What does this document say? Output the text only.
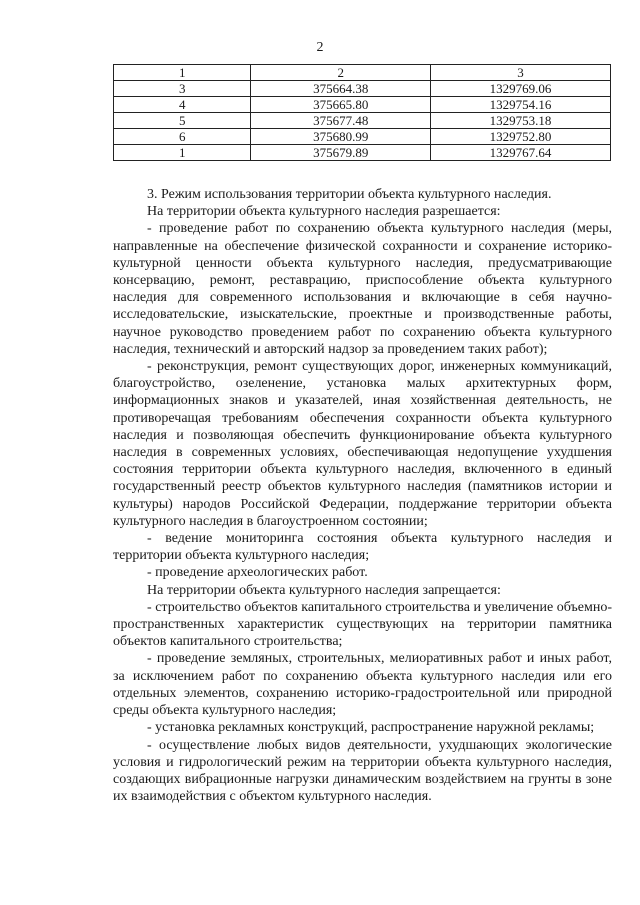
2
1	2	3
3	375664.38	1329769.06
4	375665.80	1329754.16
5	375677.48	1329753.18
6	375680.99	1329752.80
1	375679.89	1329767.64

3. Режим использования территории объекта культурного наследия.

На территории объекта культурного наследия разрешается:

- проведение работ по сохранению объекта культурного наследия (меры, направленные на обеспечение физической сохранности и сохранение историко-культурной ценности объекта культурного наследия, предусматривающие консервацию, ремонт, реставрацию, приспособление объекта культурного наследия для современного использования и включающие в себя научно-исследовательские, изыскательские, проектные и производственные работы, научное руководство проведением работ по сохранению объекта культурного наследия, технический и авторский надзор за проведением таких работ);

- реконструкция, ремонт существующих дорог, инженерных коммуникаций, благоустройство, озеленение, установка малых архитектурных форм, информационных знаков и указателей, иная хозяйственная деятельность, не противоречащая требованиям обеспечения сохранности объекта культурного наследия и позволяющая обеспечить функционирование объекта культурного наследия в современных условиях, обеспечивающая недопущение ухудшения состояния территории объекта культурного наследия, включенного в единый государственный реестр объектов культурного наследия (памятников истории и культуры) народов Российской Федерации, поддержание территории объекта культурного наследия в благоустроенном состоянии;

- ведение мониторинга состояния объекта культурного наследия и территории объекта культурного наследия;

- проведение археологических работ.

На территории объекта культурного наследия запрещается:

- строительство объектов капитального строительства и увеличение объемно-пространственных характеристик существующих на территории памятника объектов капитального строительства;

- проведение земляных, строительных, мелиоративных работ и иных работ, за исключением работ по сохранению объекта культурного наследия или его отдельных элементов, сохранению историко-градостроительной или природной среды объекта культурного наследия;

- установка рекламных конструкций, распространение наружной рекламы;

- осуществление любых видов деятельности, ухудшающих экологические условия и гидрологический режим на территории объекта культурного наследия, создающих вибрационные нагрузки динамическим воздействием на грунты в зоне их взаимодействия с объектом культурного наследия.
